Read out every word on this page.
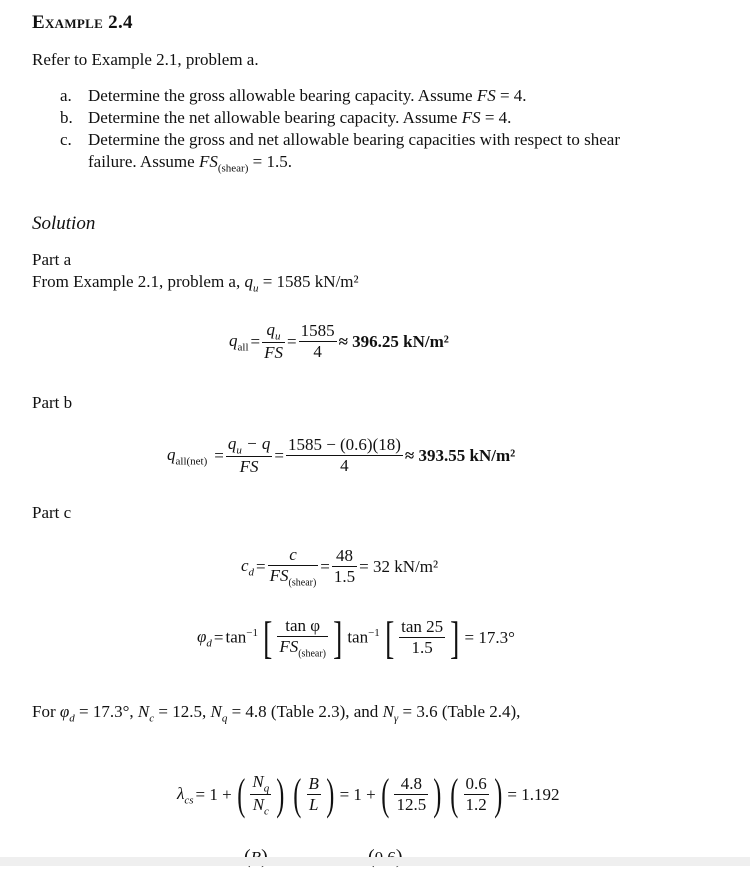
Example 2.4
Refer to Example 2.1, problem a.
a. Determine the gross allowable bearing capacity. Assume FS = 4.
b. Determine the net allowable bearing capacity. Assume FS = 4.
c. Determine the gross and net allowable bearing capacities with respect to shear
failure. Assume $FS_{(shear)} = 1.5$.
Solution
Part a
From Example 2.1, problem a, $q_u = 1585$ kN/m²
$q_{all} = \frac{q_u}{FS} = \frac{1585}{4} \approx 396.25$ kN/m²
Part b
$q_{all(net)} = \frac{q_u - q}{FS} = \frac{1585 - (0.6)(18)}{4} \approx 393.55$ kN/m²
Part c
$c_d = \frac{c}{FS_{(shear)}} = \frac{48}{1.5} = 32$ kN/m²
$\varphi_d = \tan^{-1}$ [ $\frac{\text{tan φ}}{FS_{(shear)}}$ ] $\tan^{-1}$ [ $\frac{\tan 25}{1.5}$ ] = 17.3°
For $\varphi_d = 17.3^\circ$, $N_c = 12.5$, $N_q = 4.8$ (Table 2.3), and $N_\gamma = 3.6$ (Table 2.4),
$\lambda_{cs} = 1$ + ( $\frac{N_q}{N_c}$ ) ( $\frac{B}{L}$ ) = 1 + ( $\frac{4.8}{12.5}$ ) ( $\frac{0.6}{1.2}$ ) = 1.192
